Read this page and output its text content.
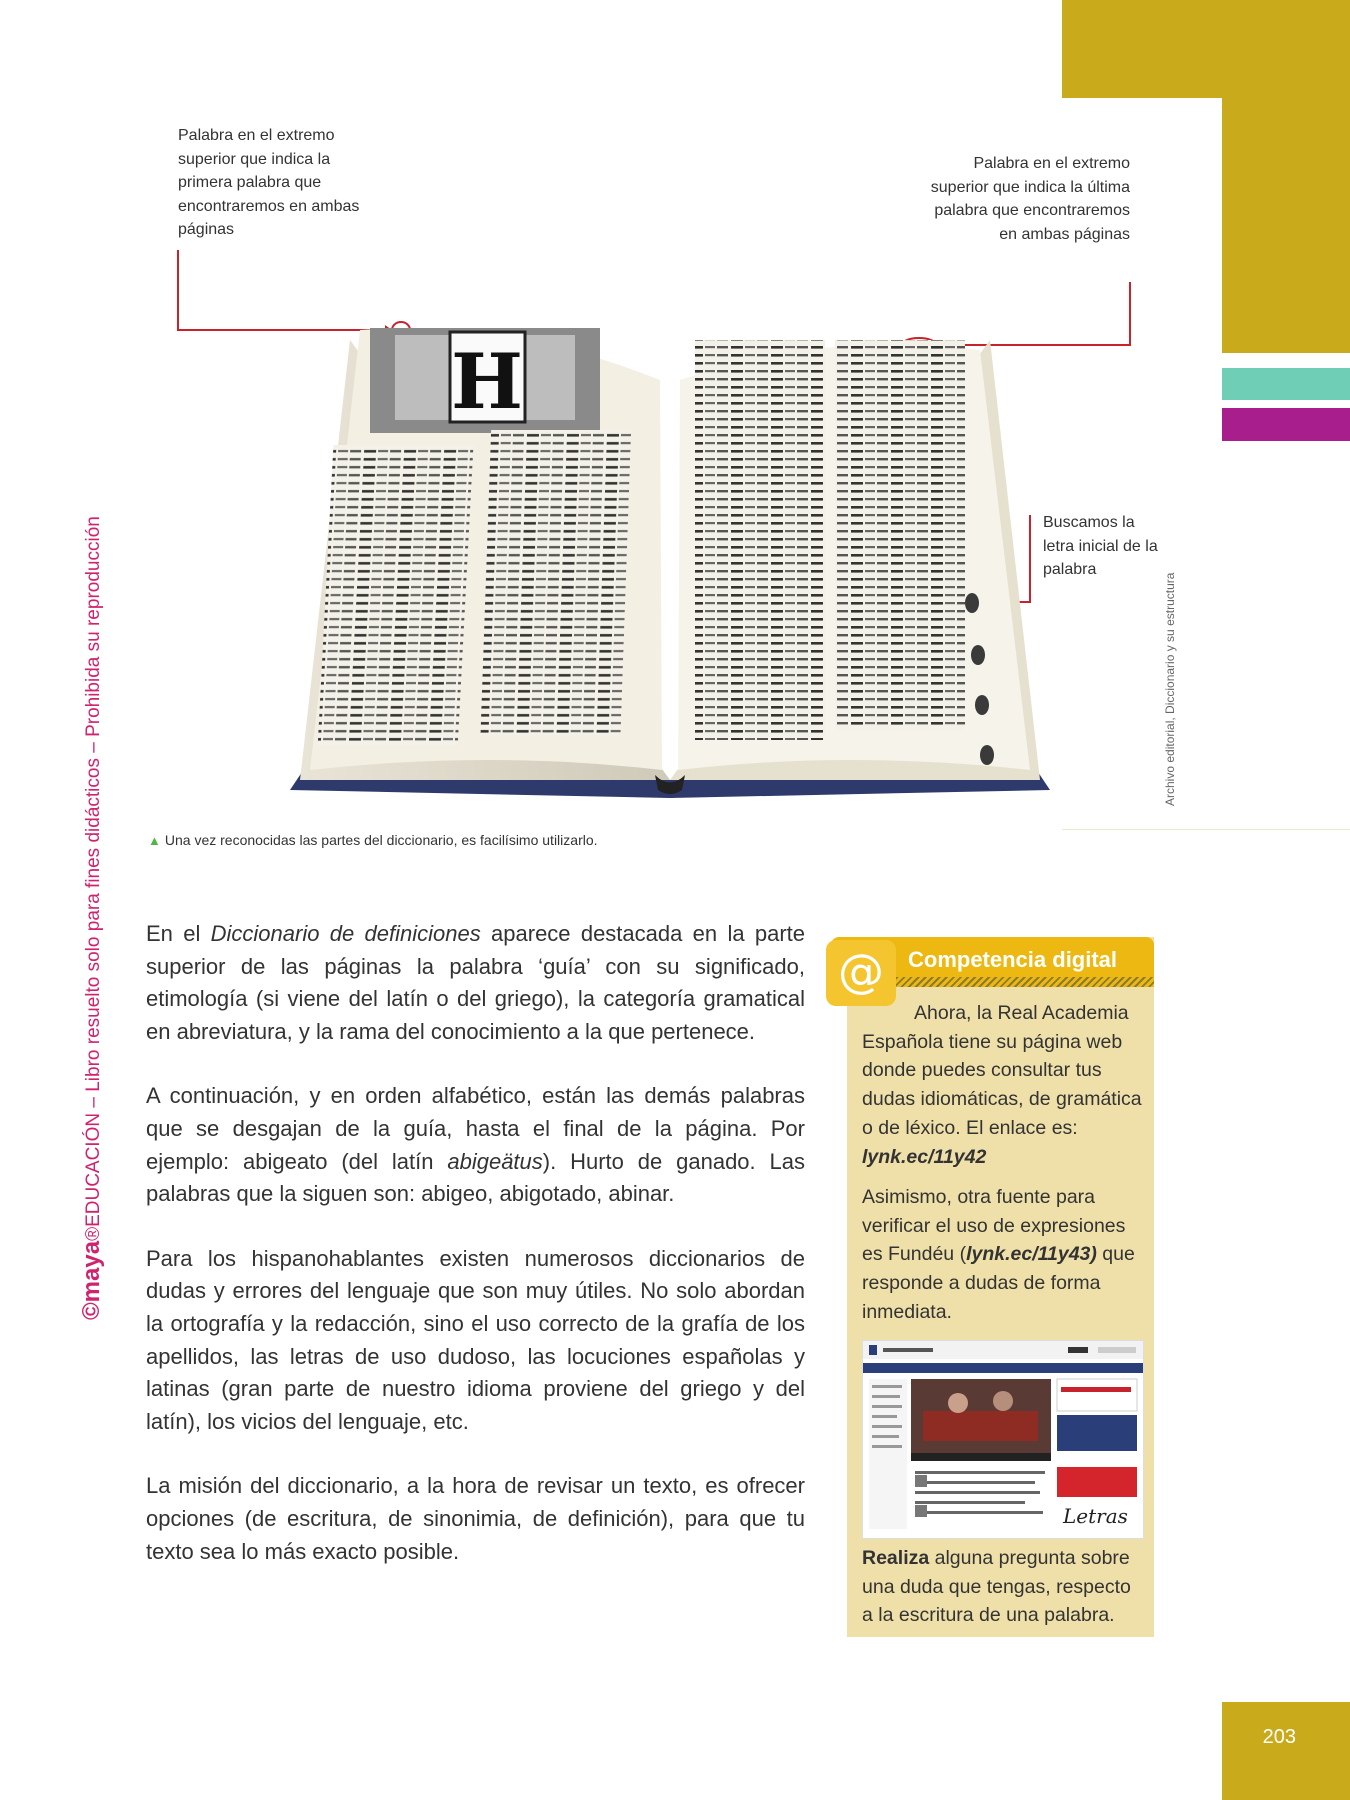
©maya®EDUCACIÓN – Libro resuelto solo para fines didácticos – Prohibida su reproducción	Archivo editorial, Diccionario y su estructura
Palabra en el extremo superior que indica la primera palabra que encontraremos en ambas páginas
Palabra en el extremo superior que indica la última palabra que encontraremos en ambas páginas
Buscamos la letra inicial de la palabra
H
▲ Una vez reconocidas las partes del diccionario, es facilísimo utilizarlo.

En el Diccionario de definiciones aparece destacada en la parte superior de las páginas la palabra ‘guía’ con su significado, etimología (si viene del latín o del griego), la categoría gramatical en abreviatura, y la rama del conocimiento a la que pertenece.

A continuación, y en orden alfabético, están las demás palabras que se desgajan de la guía, hasta el final de la página. Por ejemplo: abigeato (del latín abigeätus). Hurto de ganado. Las palabras que la siguen son: abigeo, abigotado, abinar.

Para los hispanohablantes existen numerosos diccionarios de dudas y errores del lenguaje que son muy útiles. No solo abordan la ortografía y la redacción, sino el uso correcto de la grafía de los apellidos, las letras de uso dudoso, las locuciones españolas y latinas (gran parte de nuestro idioma proviene del griego y del latín), los vicios del lenguaje, etc.

La misión del diccionario, a la hora de revisar un texto, es ofrecer opciones (de escritura, de sinonimia, de definición), para que tu texto sea lo más exacto posible.

@	Competencia digital
Ahora, la Real Academia Española tiene su página web donde puedes consultar tus dudas idiomáticas, de gramática o de léxico. El enlace es:
lynk.ec/11y42
Asimismo, otra fuente para verificar el uso de expresiones es Fundéu (lynk.ec/11y43) que responde a dudas de forma inmediata.
Letras
Realiza alguna pregunta sobre una duda que tengas, respecto a la escritura de una palabra.
203
